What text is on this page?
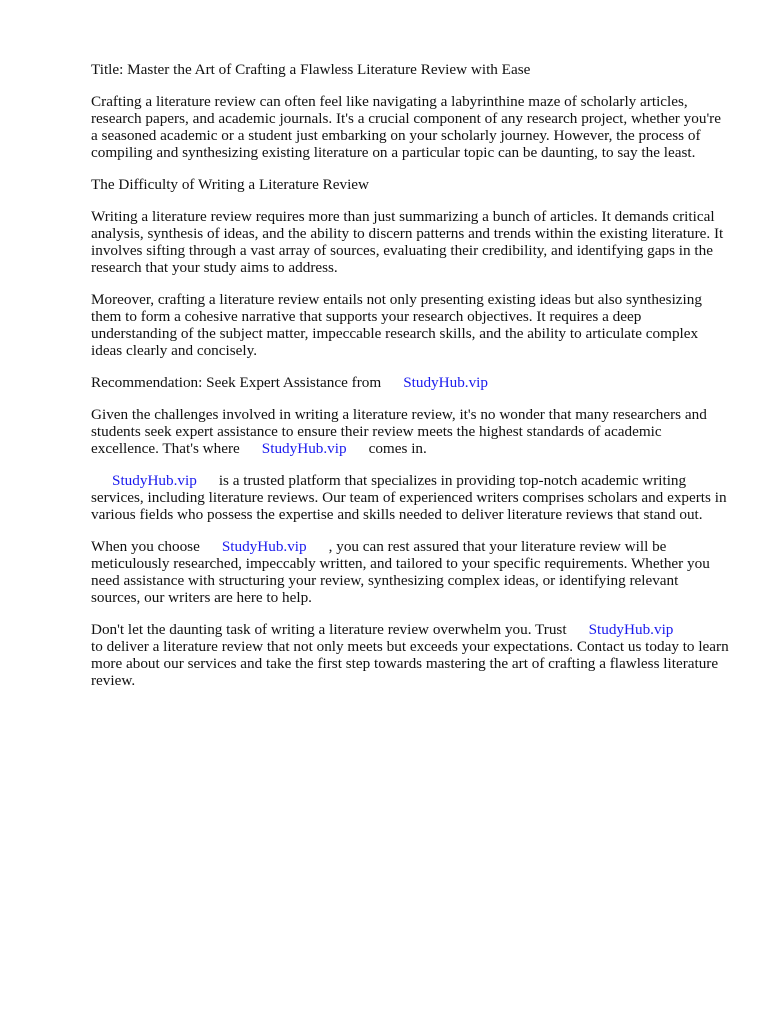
Title: Master the Art of Crafting a Flawless Literature Review with Ease

Crafting a literature review can often feel like navigating a labyrinthine maze of scholarly articles, research papers, and academic journals. It's a crucial component of any research project, whether you're a seasoned academic or a student just embarking on your scholarly journey. However, the process of compiling and synthesizing existing literature on a particular topic can be daunting, to say the least.

The Difficulty of Writing a Literature Review

Writing a literature review requires more than just summarizing a bunch of articles. It demands critical analysis, synthesis of ideas, and the ability to discern patterns and trends within the existing literature. It involves sifting through a vast array of sources, evaluating their credibility, and identifying gaps in the research that your study aims to address.

Moreover, crafting a literature review entails not only presenting existing ideas but also synthesizing them to form a cohesive narrative that supports your research objectives. It requires a deep understanding of the subject matter, impeccable research skills, and the ability to articulate complex ideas clearly and concisely.

Recommendation: Seek Expert Assistance from StudyHub.vip

Given the challenges involved in writing a literature review, it's no wonder that many researchers and students seek expert assistance to ensure their review meets the highest standards of academic excellence. That's where StudyHub.vip comes in.

StudyHub.vip is a trusted platform that specializes in providing top-notch academic writing services, including literature reviews. Our team of experienced writers comprises scholars and experts in various fields who possess the expertise and skills needed to deliver literature reviews that stand out.

When you choose StudyHub.vip , you can rest assured that your literature review will be meticulously researched, impeccably written, and tailored to your specific requirements. Whether you need assistance with structuring your review, synthesizing complex ideas, or identifying relevant sources, our writers are here to help.

Don't let the daunting task of writing a literature review overwhelm you. Trust StudyHub.vip
to deliver a literature review that not only meets but exceeds your expectations. Contact us today to learn more about our services and take the first step towards mastering the art of crafting a flawless literature review.
